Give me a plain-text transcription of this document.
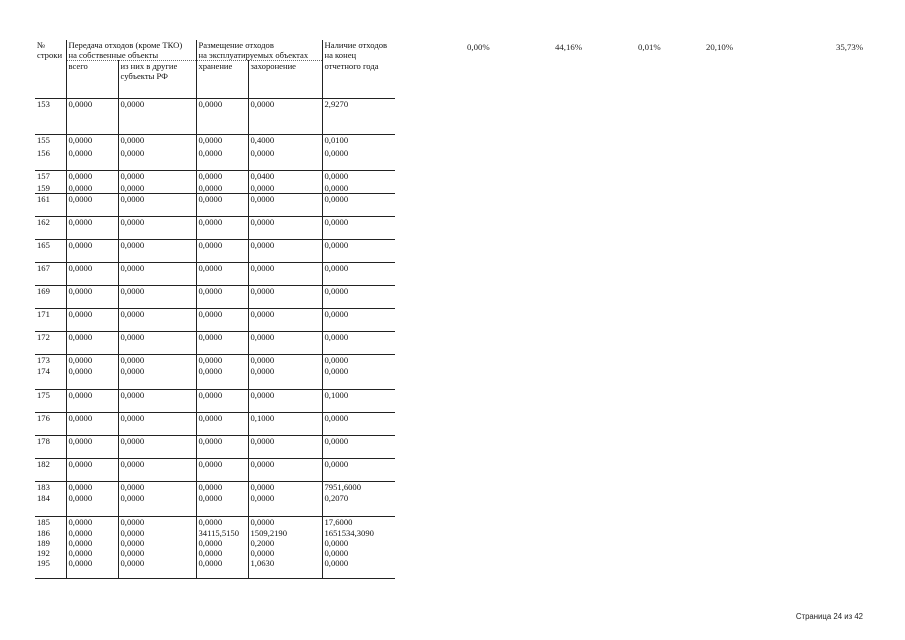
№	Передача отходов (кроме ТКО)		Размещение отходов		Наличие отходов
строки	на собственные объекты		на эксплуатируемых объектах		на конец
	всего	из них в другие
субъекты РФ	хранение	захоронение	отчетного года
153	0,0000	0,0000	0,0000	0,0000	2,9270
155	0,0000	0,0000	0,0000	0,4000	0,0100
156	0,0000	0,0000	0,0000	0,0000	0,0000
157	0,0000	0,0000	0,0000	0,0400	0,0000
159	0,0000	0,0000	0,0000	0,0000	0,0000
161	0,0000	0,0000	0,0000	0,0000	0,0000
162	0,0000	0,0000	0,0000	0,0000	0,0000
165	0,0000	0,0000	0,0000	0,0000	0,0000
167	0,0000	0,0000	0,0000	0,0000	0,0000
169	0,0000	0,0000	0,0000	0,0000	0,0000
171	0,0000	0,0000	0,0000	0,0000	0,0000
172	0,0000	0,0000	0,0000	0,0000	0,0000
173	0,0000	0,0000	0,0000	0,0000	0,0000
174	0,0000	0,0000	0,0000	0,0000	0,0000
175	0,0000	0,0000	0,0000	0,0000	0,1000
176	0,0000	0,0000	0,0000	0,1000	0,0000
178	0,0000	0,0000	0,0000	0,0000	0,0000
182	0,0000	0,0000	0,0000	0,0000	0,0000
183	0,0000	0,0000	0,0000	0,0000	7951,6000
184	0,0000	0,0000	0,0000	0,0000	0,2070
185	0,0000	0,0000	0,0000	0,0000	17,6000
186	0,0000	0,0000	34115,5150	1509,2190	1651534,3090
189	0,0000	0,0000	0,0000	0,2000	0,0000
192	0,0000	0,0000	0,0000	0,0000	0,0000
195	0,0000	0,0000	0,0000	1,0630	0,0000
0,00%	44,16%	0,01%	20,10%	35,73%
Страница 24 из 42
